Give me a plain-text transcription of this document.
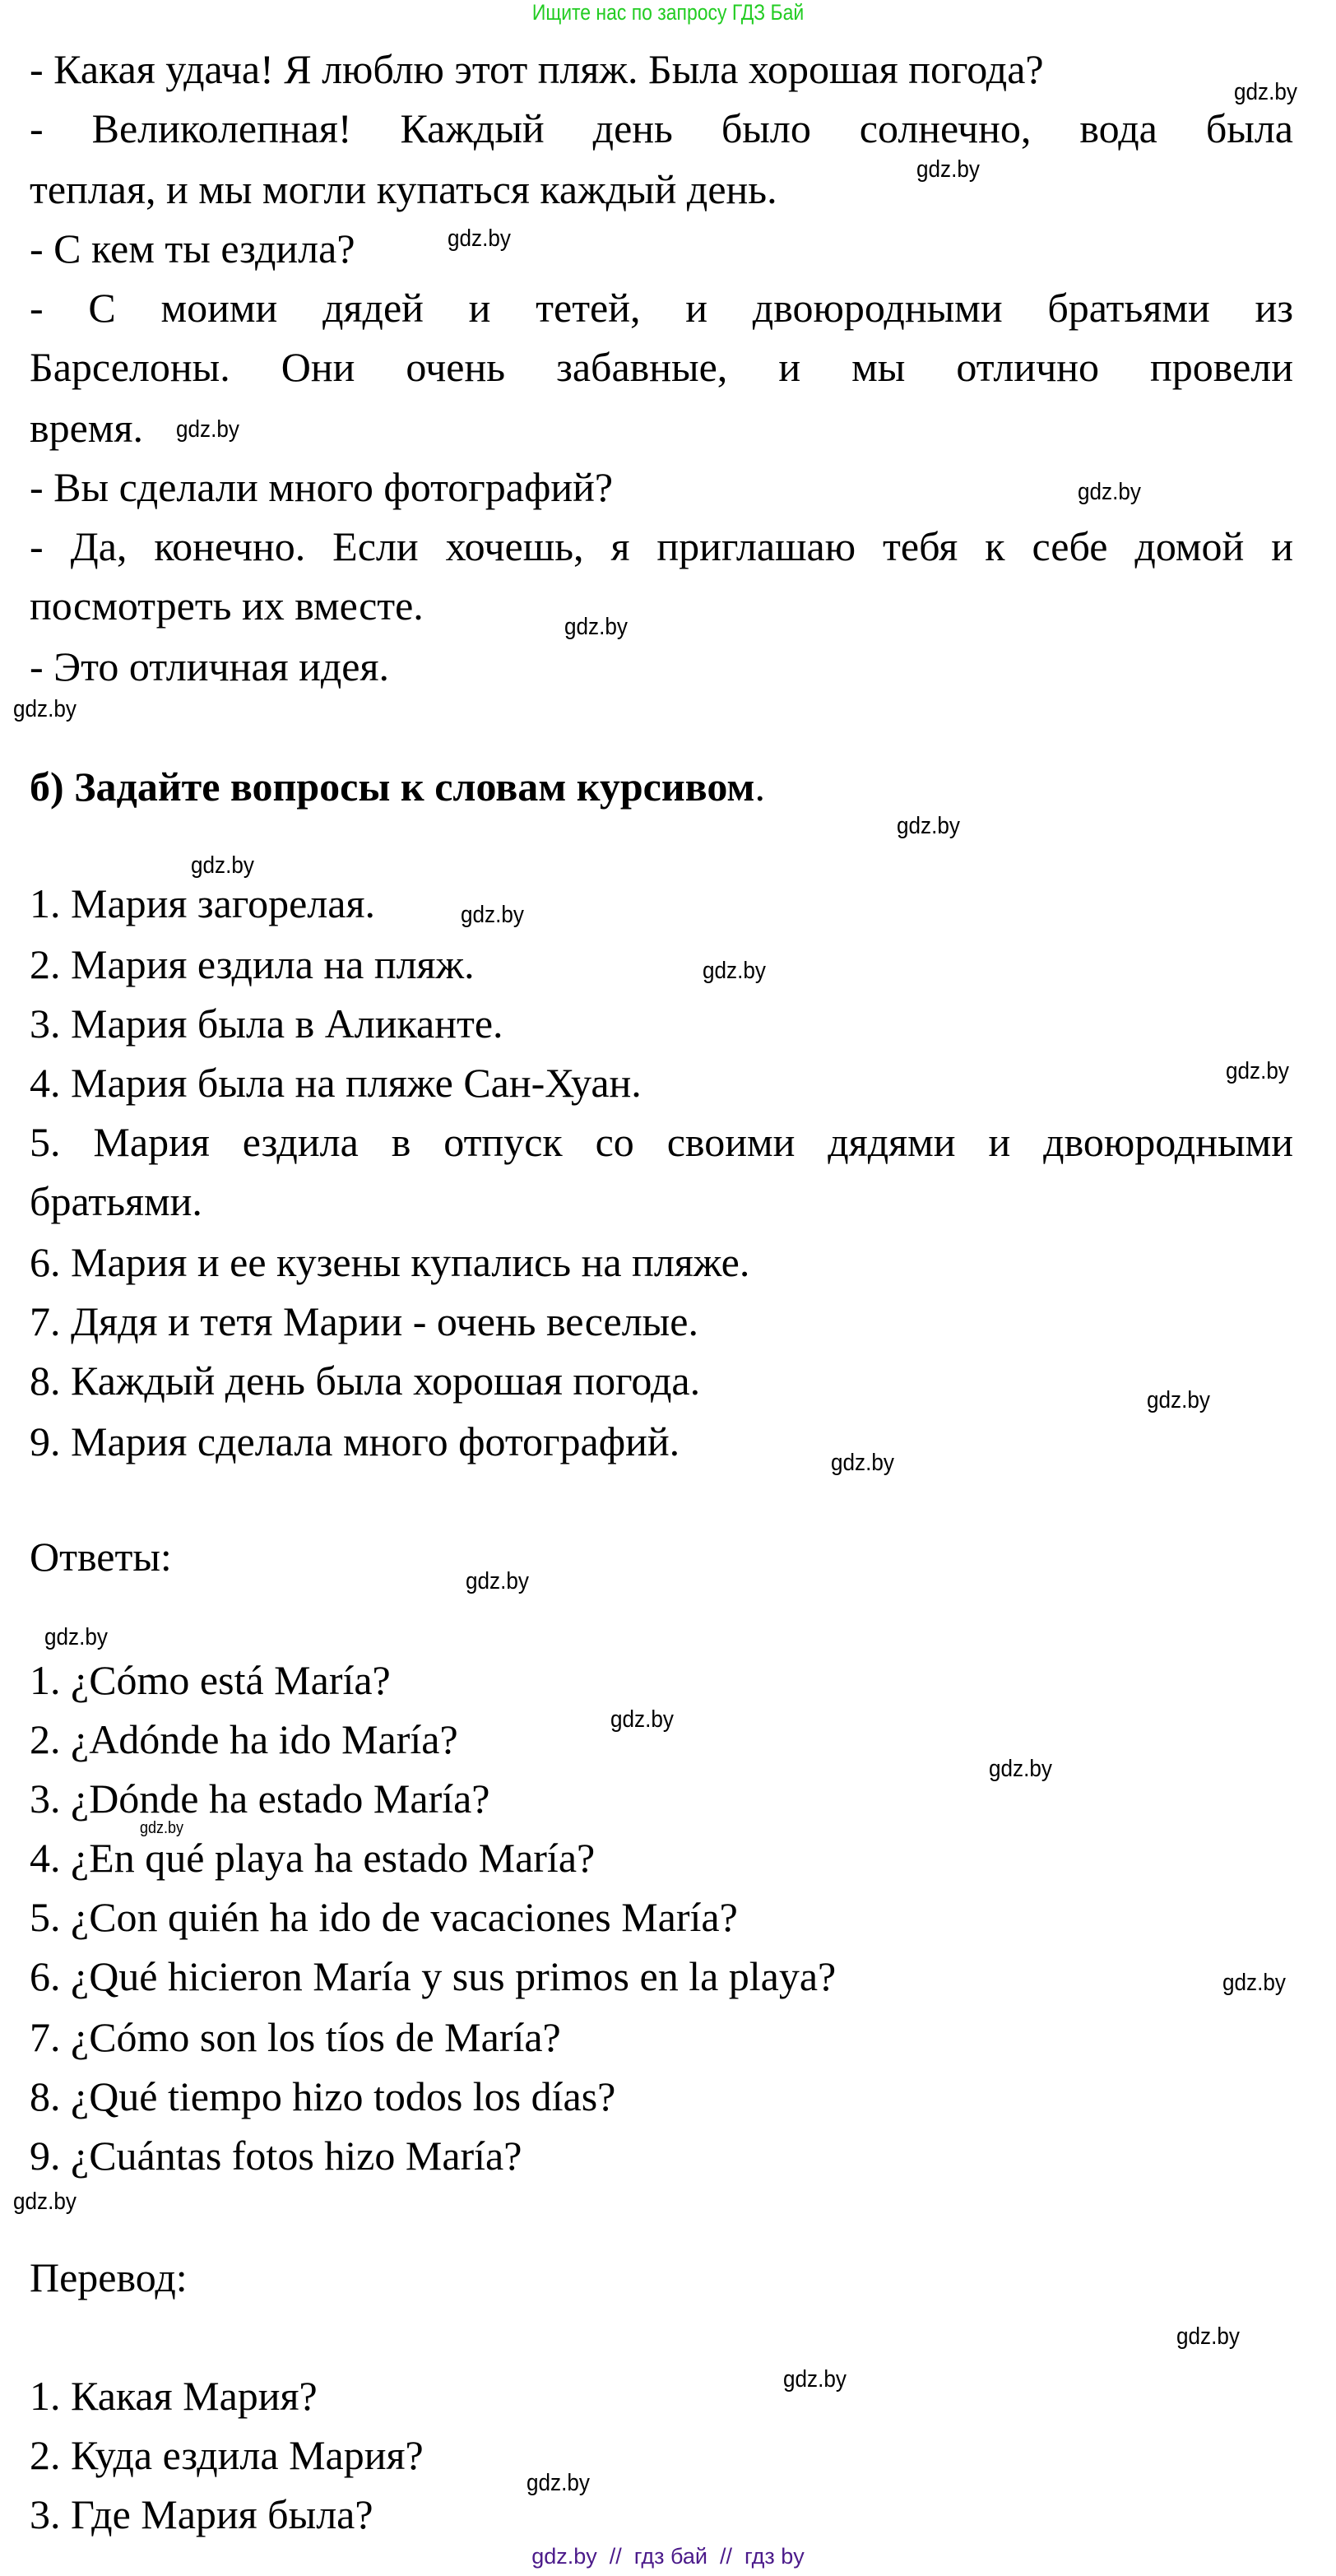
Ищите нас по запросу ГДЗ Бай
- Какая удача! Я люблю этот пляж. Была хорошая погода?
- Великолепная! Каждый день было солнечно, вода была
теплая, и мы могли купаться каждый день.
- С кем ты ездила?
- С моими дядей и тетей, и двоюродными братьями из
Барселоны. Они очень забавные, и мы отлично провели
время.
- Вы сделали много фотографий?
- Да, конечно. Если хочешь, я приглашаю тебя к себе домой и
посмотреть их вместе.
- Это отличная идея.
б) Задайте вопросы к словам курсивом.
1. Мария загорелая.
2. Мария ездила на пляж.
3. Мария была в Аликанте.
4. Мария была на пляже Сан-Хуан.
5. Мария ездила в отпуск со своими дядями и двоюродными
братьями.
6. Мария и ее кузены купались на пляже.
7. Дядя и тетя Марии - очень веселые.
8. Каждый день была хорошая погода.
9. Мария сделала много фотографий.
Ответы:
1. ¿Cómo está María?
2. ¿Adónde ha ido María?
3. ¿Dónde ha estado María?
4. ¿En qué playa ha estado María?
5. ¿Con quién ha ido de vacaciones María?
6. ¿Qué hicieron María y sus primos en la playa?
7. ¿Cómo son los tíos de María?
8. ¿Qué tiempo hizo todos los días?
9. ¿Cuántas fotos hizo María?
Перевод:
1. Какая Мария?
2. Куда ездила Мария?
3. Где Мария была?
gdz.by
gdz.by
gdz.by
gdz.by
gdz.by
gdz.by
gdz.by
gdz.by
gdz.by
gdz.by
gdz.by
gdz.by
gdz.by
gdz.by
gdz.by
gdz.by
gdz.by
gdz.by
gdz.by
gdz.by
gdz.by
gdz.by
gdz.by
gdz.by
gdz.by  //  гдз бай  //  гдз by
